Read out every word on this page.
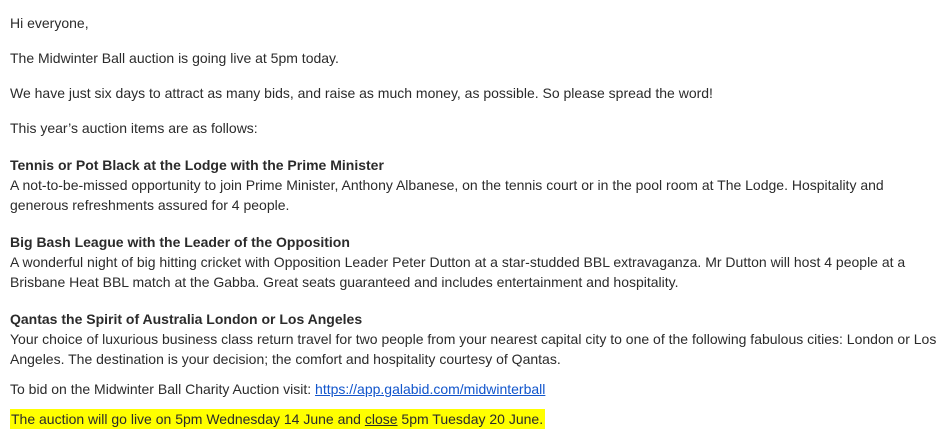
Hi everyone,

The Midwinter Ball auction is going live at 5pm today.

We have just six days to attract as many bids, and raise as much money, as possible. So please spread the word!

This year’s auction items are as follows:

Tennis or Pot Black at the Lodge with the Prime Minister

A not-to-be-missed opportunity to join Prime Minister, Anthony Albanese, on the tennis court or in the pool room at The Lodge. Hospitality and generous refreshments assured for 4 people.

Big Bash League with the Leader of the Opposition

A wonderful night of big hitting cricket with Opposition Leader Peter Dutton at a star-studded BBL extravaganza. Mr Dutton will host 4 people at a Brisbane Heat BBL match at the Gabba. Great seats guaranteed and includes entertainment and hospitality.

Qantas the Spirit of Australia London or Los Angeles

Your choice of luxurious business class return travel for two people from your nearest capital city to one of the following fabulous cities: London or Los Angeles. The destination is your decision; the comfort and hospitality courtesy of Qantas.

To bid on the Midwinter Ball Charity Auction visit: https://app.galabid.com/midwinterball

The auction will go live on 5pm Wednesday 14 June and close 5pm Tuesday 20 June.
